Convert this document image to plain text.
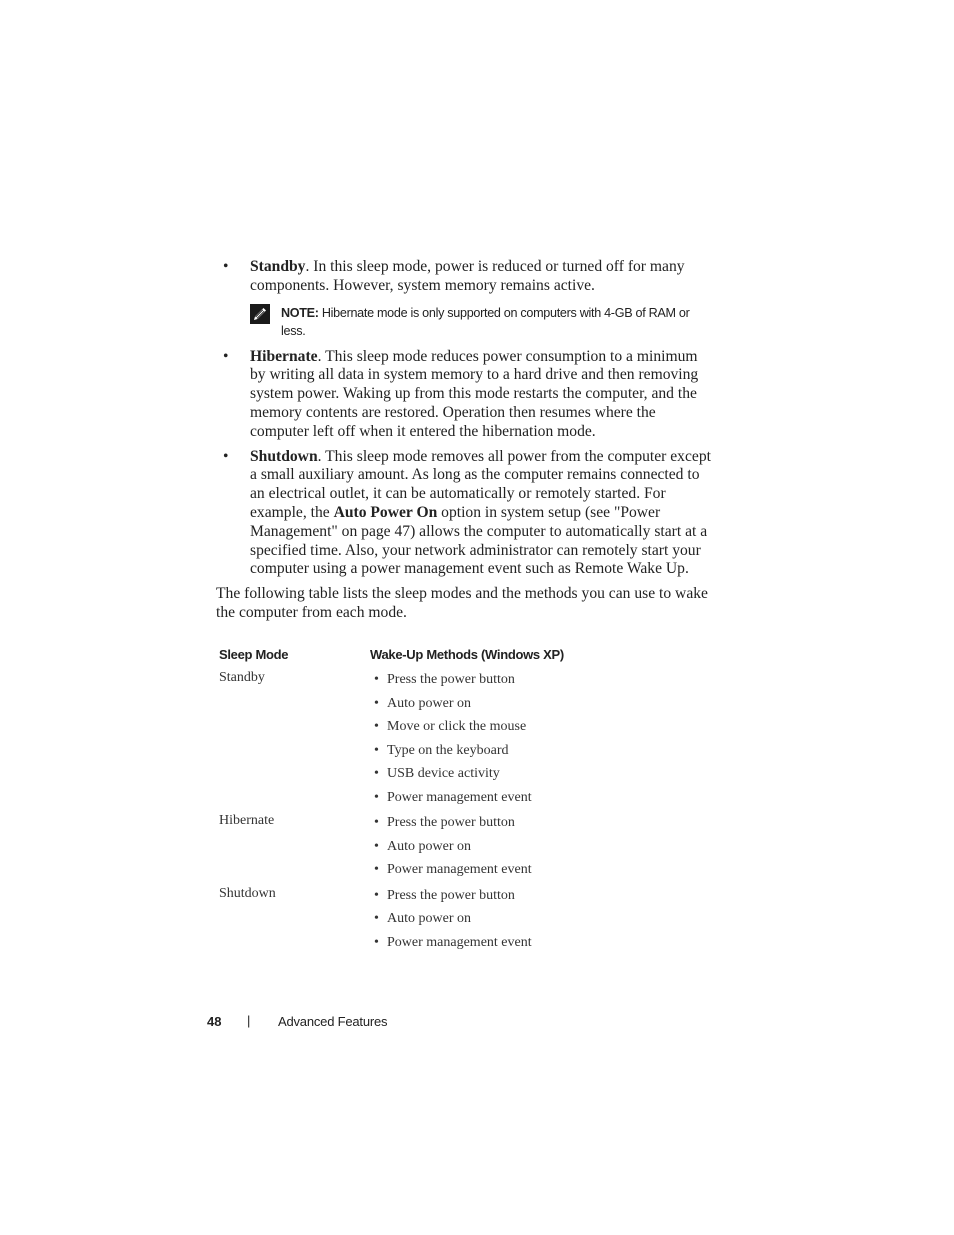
• Standby. In this sleep mode, power is reduced or turned off for many components. However, system memory remains active.
NOTE: Hibernate mode is only supported on computers with 4-GB of RAM or less.
• Hibernate. This sleep mode reduces power consumption to a minimum by writing all data in system memory to a hard drive and then removing system power. Waking up from this mode restarts the computer, and the memory contents are restored. Operation then resumes where the computer left off when it entered the hibernation mode.
• Shutdown. This sleep mode removes all power from the computer except a small auxiliary amount. As long as the computer remains connected to an electrical outlet, it can be automatically or remotely started. For example, the Auto Power On option in system setup (see "Power Management" on page 47) allows the computer to automatically start at a specified time. Also, your network administrator can remotely start your computer using a power management event such as Remote Wake Up.
The following table lists the sleep modes and the methods you can use to wake the computer from each mode.
Sleep Mode	Wake-Up Methods (Windows XP)
Standby	• Press the power button
• Auto power on
• Move or click the mouse
• Type on the keyboard
• USB device activity
• Power management event
Hibernate	• Press the power button
• Auto power on
• Power management event
Shutdown	• Press the power button
• Auto power on
• Power management event
48 | Advanced Features
